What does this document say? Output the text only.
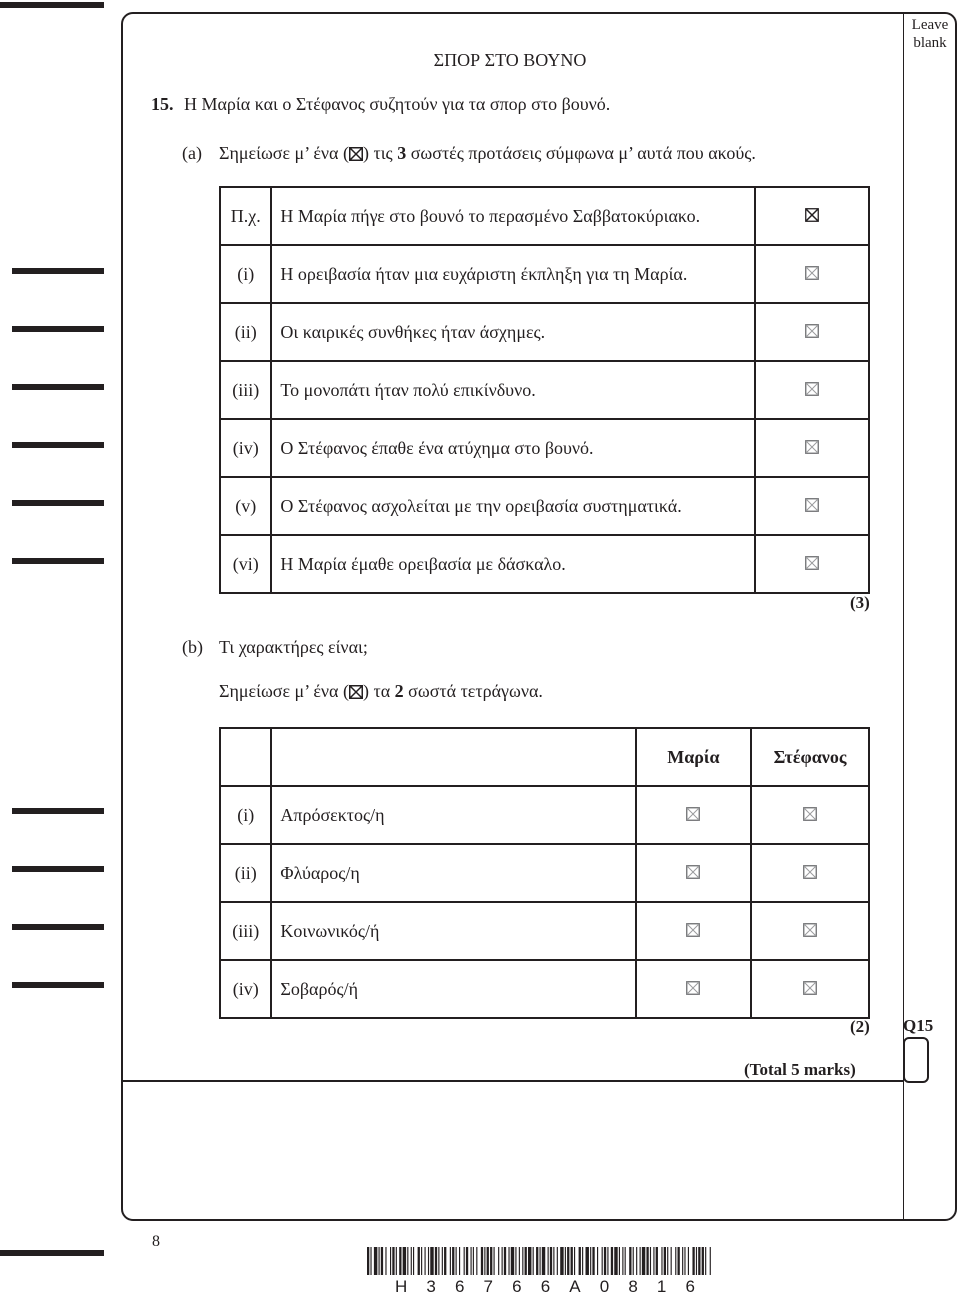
Leave blank
ΣΠΟΡ ΣΤΟ ΒΟΥΝΟ
15. Η Μαρία και ο Στέφανος συζητούν για τα σπορ στο βουνό.
(a) Σημείωσε μ’ ένα (☒) τις 3 σωστές προτάσεις σύμφωνα μ’ αυτά που ακούς.
Π.χ.	Η Μαρία πήγε στο βουνό το περασμένο Σαββατοκύριακο.	

(i)	Η ορειβασία ήταν μια ευχάριστη έκπληξη για τη Μαρία.	

(ii)	Οι καιρικές συνθήκες ήταν άσχημες.	

(iii)	Το μονοπάτι ήταν πολύ επικίνδυνο.	

(iv)	Ο Στέφανος έπαθε ένα ατύχημα στο βουνό.	

(v)	Ο Στέφανος ασχολείται με την ορειβασία συστηματικά.	

(vi)	Η Μαρία έμαθε ορειβασία με δάσκαλο.	
(3)
(b) Τι χαρακτήρες είναι;
Σημείωσε μ’ ένα (☒) τα 2 σωστά τετράγωνα.
		Μαρία	Στέφανος
(i)	Απρόσεκτος/η	

(ii)	Φλύαρος/η	

(iii)	Κοινωνικός/ή	

(iv)	Σοβαρός/ή	

(2) Q15
(Total 5 marks)
8
H 3 6 7 6 6 A 0 8 1 6
